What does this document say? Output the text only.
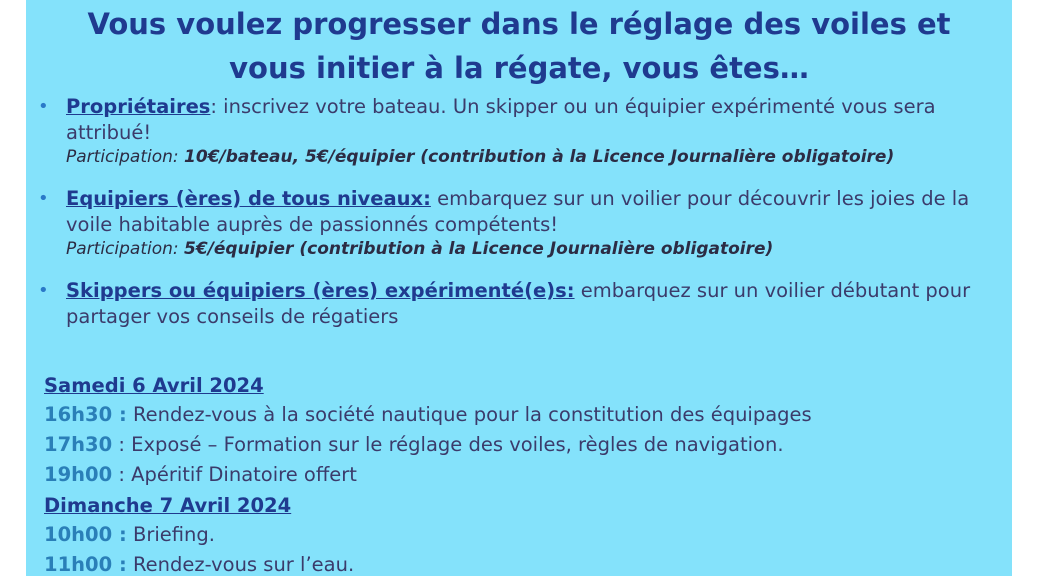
Vous voulez progresser dans le réglage des voiles et
vous initier à la régate, vous êtes…
• Propriétaires: inscrivez votre bateau. Un skipper ou un équipier expérimenté vous sera attribué!
Participation: 10€/bateau, 5€/équipier (contribution à la Licence Journalière obligatoire)
• Equipiers (ères) de tous niveaux: embarquez sur un voilier pour découvrir les joies de la voile habitable auprès de passionnés compétents!
Participation: 5€/équipier (contribution à la Licence Journalière obligatoire)
• Skippers ou équipiers (ères) expérimenté(e)s: embarquez sur un voilier débutant pour partager vos conseils de régatiers
Samedi 6 Avril 2024
16h30 : Rendez-vous à la société nautique pour la constitution des équipages
17h30 : Exposé – Formation sur le réglage des voiles, règles de navigation.
19h00 : Apéritif Dinatoire offert
Dimanche 7 Avril 2024
10h00 : Briefing.
11h00 : Rendez-vous sur l’eau.
